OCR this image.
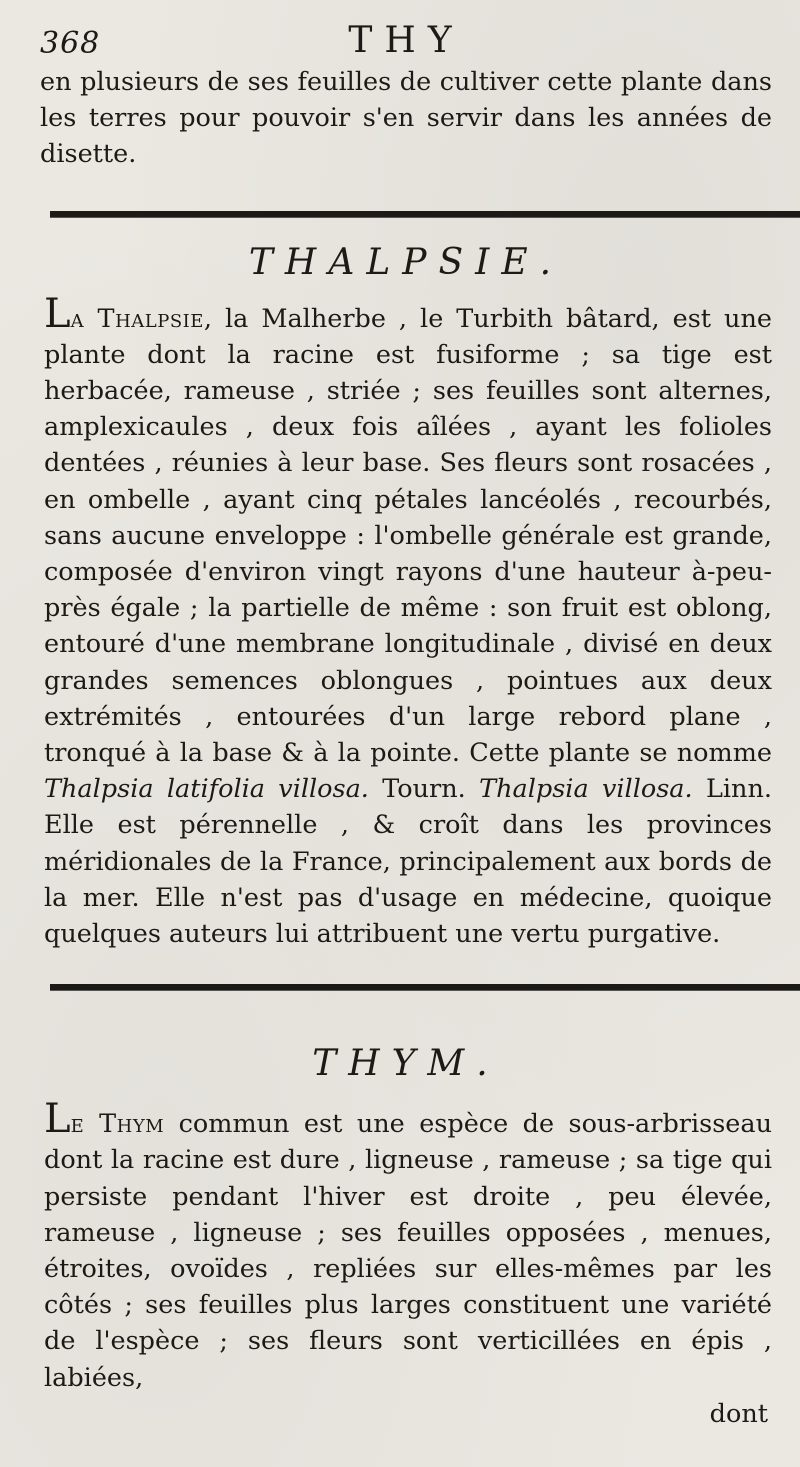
368	THY

en plusieurs de ses feuilles de cultiver cette plante dans les terres pour pouvoir s'en servir dans les années de disette.

THALPSIE.

La Thalpsie, la Malherbe , le Turbith bâtard, est une plante dont la racine est fusiforme ; sa tige est herbacée, rameuse , striée ; ses feuilles sont alternes, amplexicaules , deux fois aîlées , ayant les folioles dentées , réunies à leur base. Ses fleurs sont rosacées , en ombelle , ayant cinq pétales lancéolés , recourbés, sans aucune enveloppe : l'ombelle générale est grande, composée d'environ vingt rayons d'une hauteur à-peu-près égale ; la partielle de même : son fruit est oblong, entouré d'une membrane longitudinale , divisé en deux grandes semences oblongues , pointues aux deux extrémités , entourées d'un large rebord plane , tronqué à la base & à la pointe. Cette plante se nomme Thalpsia latifolia villosa. Tourn. Thalpsia villosa. Linn. Elle est pérennelle , & croît dans les provinces méridionales de la France, principalement aux bords de la mer. Elle n'est pas d'usage en médecine, quoique quelques auteurs lui attribuent une vertu purgative.

THYM.

Le Thym commun est une espèce de sous-arbrisseau dont la racine est dure , ligneuse , rameuse ; sa tige qui persiste pendant l'hiver est droite , peu élevée, rameuse , ligneuse ; ses feuilles opposées , menues, étroites, ovoïdes , repliées sur elles-mêmes par les côtés ; ses feuilles plus larges constituent une variété de l'espèce ; ses fleurs sont verticillées en épis , labiées,

dont
